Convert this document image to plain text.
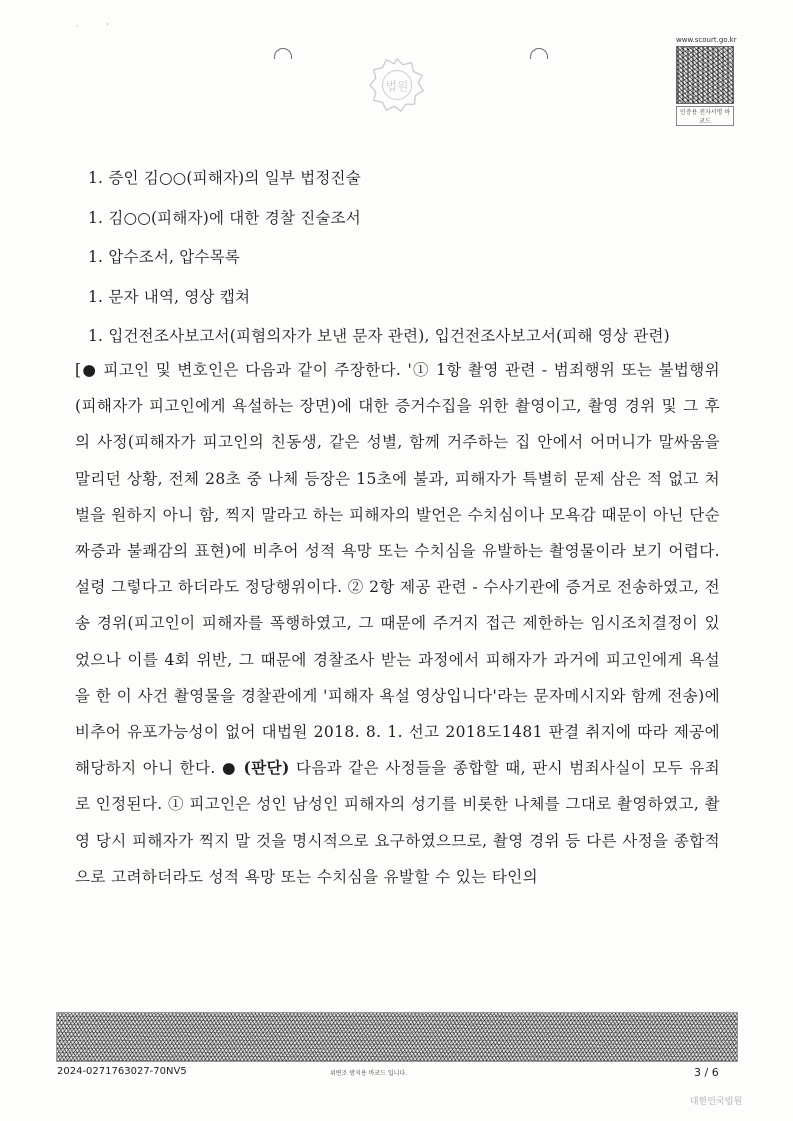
·           '
법원
www.scourt.go.kr
인증용 전자서명 바코드
1. 증인 김○○(피해자)의 일부 법정진술
1. 김○○(피해자)에 대한 경찰 진술조서
1. 압수조서, 압수목록
1. 문자 내역, 영상 캡쳐
1. 입건전조사보고서(피혐의자가 보낸 문자 관련), 입건전조사보고서(피해 영상 관련)
[● 피고인 및 변호인은 다음과 같이 주장한다. '① 1항 촬영 관련 - 범죄행위 또는 불법행위(피해자가 피고인에게 욕설하는 장면)에 대한 증거수집을 위한 촬영이고, 촬영 경위 및 그 후의 사정(피해자가 피고인의 친동생, 같은 성별, 함께 거주하는 집 안에서 어머니가 말싸움을 말리던 상황, 전체 28초 중 나체 등장은 15초에 불과, 피해자가 특별히 문제 삼은 적 없고 처벌을 원하지 아니 함, 찍지 말라고 하는 피해자의 발언은 수치심이나 모욕감 때문이 아닌 단순 짜증과 불쾌감의 표현)에 비추어 성적 욕망 또는 수치심을 유발하는 촬영물이라 보기 어렵다. 설령 그렇다고 하더라도 정당행위이다. ② 2항 제공 관련 - 수사기관에 증거로 전송하였고, 전송 경위(피고인이 피해자를 폭행하였고, 그 때문에 주거지 접근 제한하는 임시조치결정이 있었으나 이를 4회 위반, 그 때문에 경찰조사 받는 과정에서 피해자가 과거에 피고인에게 욕설을 한 이 사건 촬영물을 경찰관에게 '피해자 욕설 영상입니다'라는 문자메시지와 함께 전송)에 비추어 유포가능성이 없어 대법원 2018. 8. 1. 선고 2018도1481 판결 취지에 따라 제공에 해당하지 아니 한다. ● (판단) 다음과 같은 사정들을 종합할 때, 판시 범죄사실이 모두 유죄로 인정된다. ① 피고인은 성인 남성인 피해자의 성기를 비롯한 나체를 그대로 촬영하였고, 촬영 당시 피해자가 찍지 말 것을 명시적으로 요구하였으므로, 촬영 경위 등 다른 사정을 종합적으로 고려하더라도 성적 욕망 또는 수치심을 유발할 수 있는 타인의
2024-0271763027-70NV5	위변조 방지용 바코드 입니다.	3 / 6
대한민국법원
